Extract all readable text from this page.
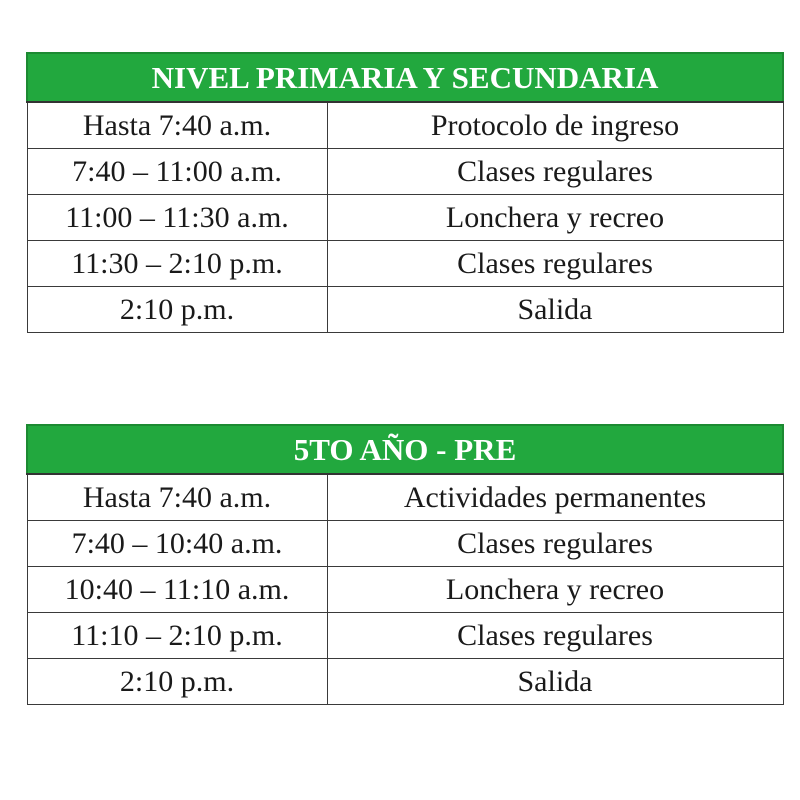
NIVEL PRIMARIA Y SECUNDARIA	
Hasta 7:40 a.m.	Protocolo de ingreso
7:40 – 11:00 a.m.	Clases regulares
11:00 – 11:30 a.m.	Lonchera y recreo
11:30 – 2:10 p.m.	Clases regulares
2:10 p.m.	Salida
5TO AÑO - PRE	
Hasta 7:40 a.m.	Actividades permanentes
7:40 – 10:40 a.m.	Clases regulares
10:40 – 11:10 a.m.	Lonchera y recreo
11:10 – 2:10 p.m.	Clases regulares
2:10 p.m.	Salida
